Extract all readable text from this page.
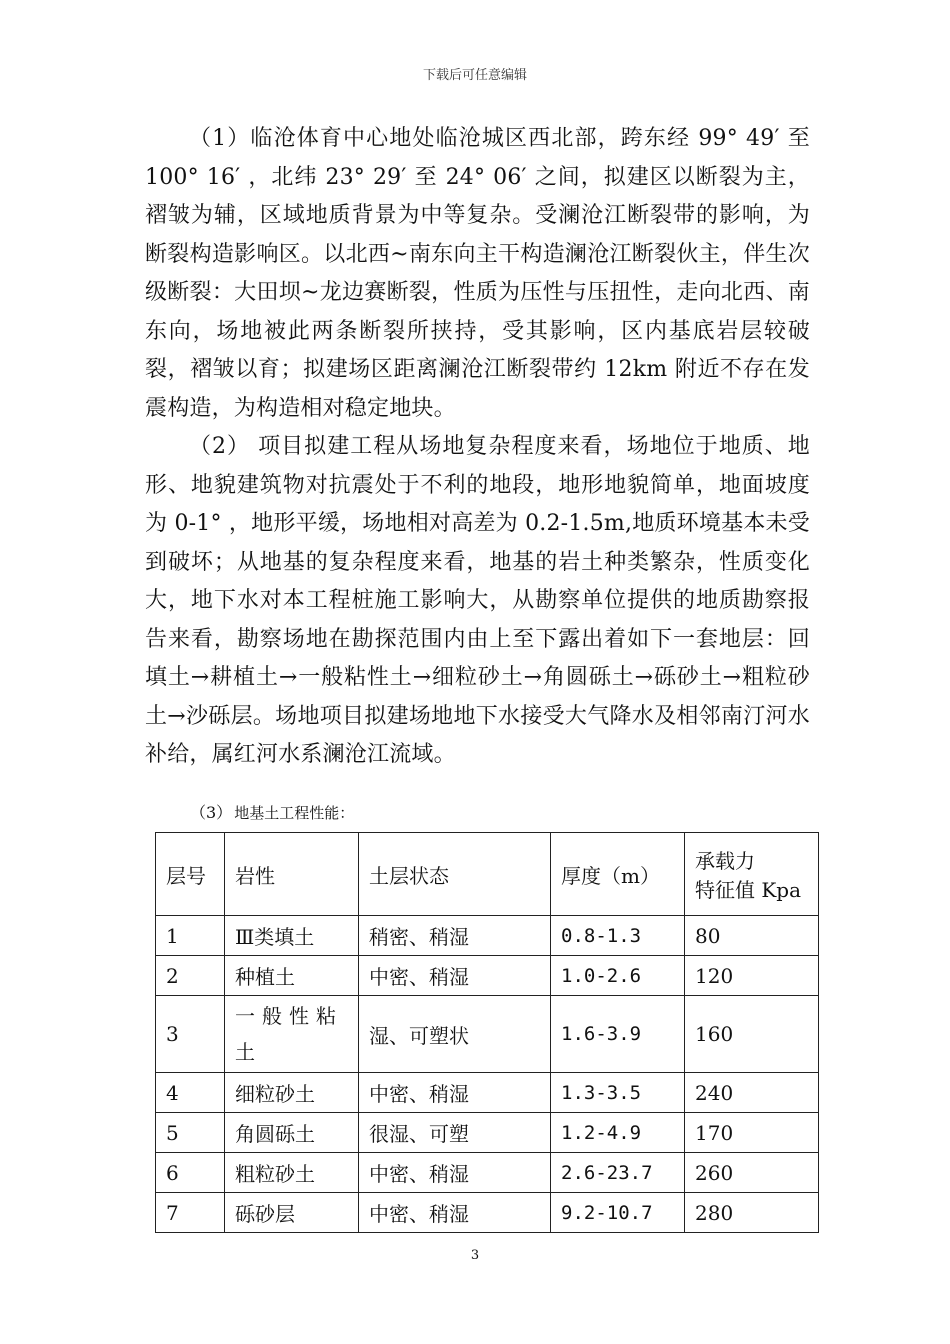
下载后可任意编辑

（1）临沧体育中心地处临沧城区西北部，跨东经 99° 49′ 至 100° 16′ ，北纬 23° 29′ 至 24° 06′ 之间，拟建区以断裂为主，褶皱为辅，区域地质背景为中等复杂。受澜沧江断裂带的影响，为断裂构造影响区。以北西~南东向主干构造澜沧江断裂伙主，伴生次级断裂：大田坝~龙边赛断裂，性质为压性与压扭性，走向北西、南东向，场地被此两条断裂所挟持，受其影响，区内基底岩层较破裂，褶皱以育；拟建场区距离澜沧江断裂带约 12km 附近不存在发震构造，为构造相对稳定地块。

（2） 项目拟建工程从场地复杂程度来看，场地位于地质、地形、地貌建筑物对抗震处于不利的地段，地形地貌简单，地面坡度为 0-1° ，地形平缓，场地相对高差为 0.2-1.5m,地质环境基本未受到破坏；从地基的复杂程度来看，地基的岩土种类繁杂，性质变化大，地下水对本工程桩施工影响大，从勘察单位提供的地质勘察报告来看，勘察场地在勘探范围内由上至下露出着如下一套地层：回填土→耕植土→一般粘性土→细粒砂土→角圆砾土→砾砂土→粗粒砂土→沙砾层。场地项目拟建场地地下水接受大气降水及相邻南汀河水补给，属红河水系澜沧江流域。

（3） 地基土工程性能：
层号	岩性	土层状态	厚度（m）	承载力
特征值 Kpa

1	Ⅲ类填土	稍密、稍湿	0.8-1.3	80
2	种植土	中密、稍湿	1.0-2.6	120
3	一般性粘土	湿、可塑状	1.6-3.9	160
4	细粒砂土	中密、稍湿	1.3-3.5	240
5	角圆砾土	很湿、可塑	1.2-4.9	170
6	粗粒砂土	中密、稍湿	2.6-23.7	260
7	砾砂层	中密、稍湿	9.2-10.7	280
3
